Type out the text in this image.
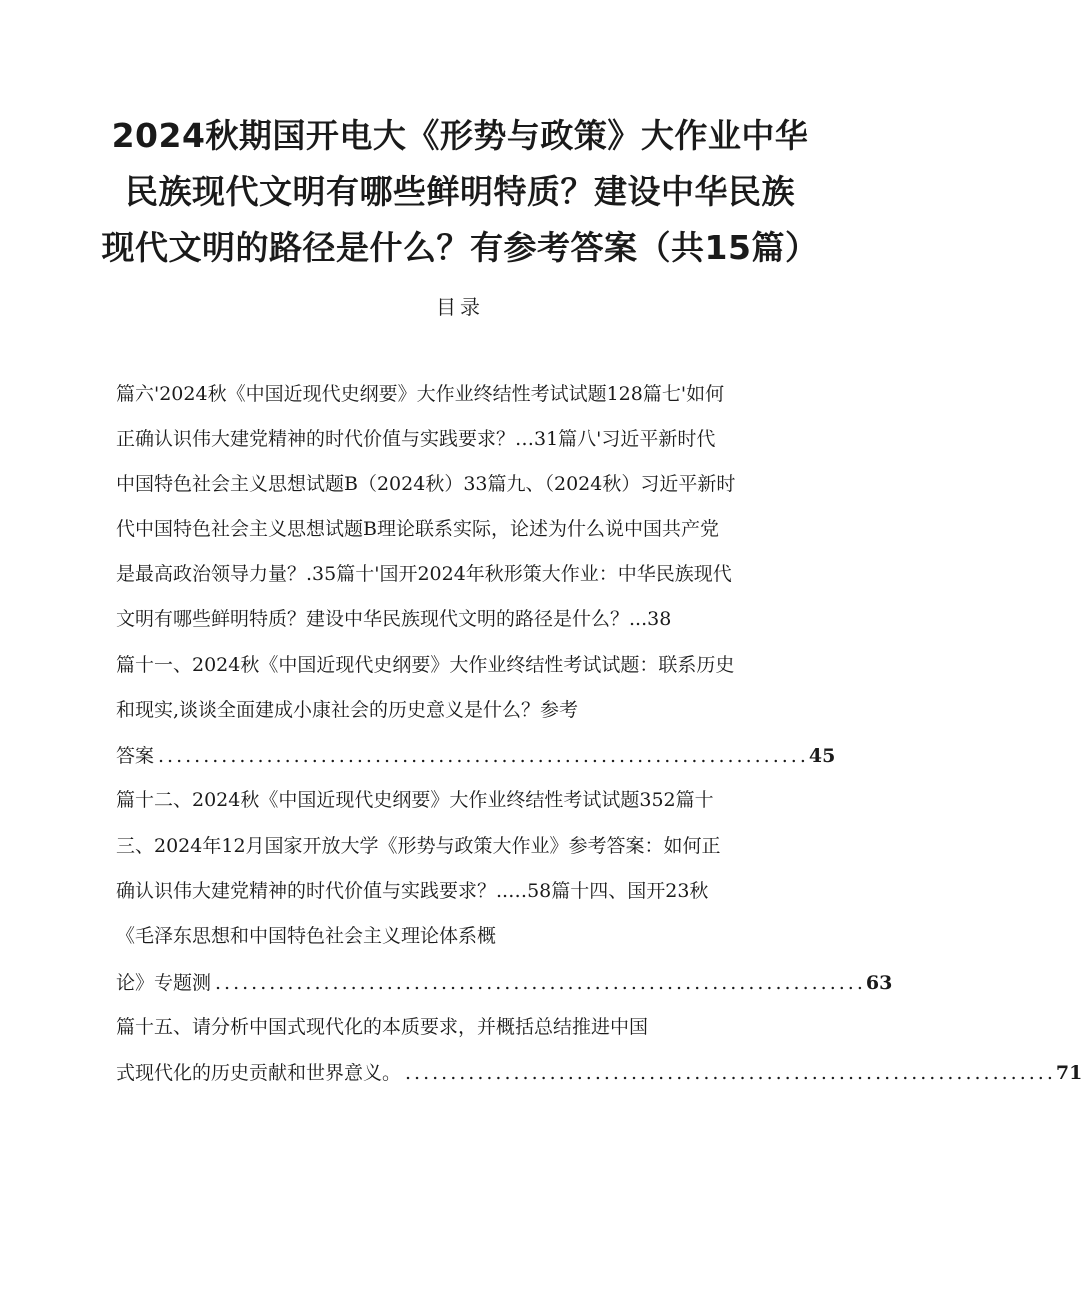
2024秋期国开电大《形势与政策》大作业中华
民族现代文明有哪些鲜明特质？建设中华民族
现代文明的路径是什么？有参考答案（共15篇）
目录
篇六'2024秋《中国近现代史纲要》大作业终结性考试试题128篇七'如何
正确认识伟大建党精神的时代价值与实践要求？…31篇八'习近平新时代
中国特色社会主义思想试题B（2024秋）33篇九、（2024秋）习近平新时
代中国特色社会主义思想试题B理论联系实际，论述为什么说中国共产党
是最高政治领导力量？.35篇十'国开2024年秋形策大作业：中华民族现代
文明有哪些鲜明特质？建设中华民族现代文明的路径是什么？...38
篇十一、2024秋《中国近现代史纲要》大作业终结性考试试题：联系历史
和现实,谈谈全面建成小康社会的历史意义是什么？参考
答案 ........................................................................ 45
篇十二、2024秋《中国近现代史纲要》大作业终结性考试试题352篇十
三、2024年12月国家开放大学《形势与政策大作业》参考答案：如何正
确认识伟大建党精神的时代价值与实践要求？..…58篇十四、国开23秋
《毛泽东思想和中国特色社会主义理论体系概
论》专题测 ........................................................................ 63
篇十五、请分析中国式现代化的本质要求，并概括总结推进中国
式现代化的历史贡献和世界意义。 ........................................................................ 71
